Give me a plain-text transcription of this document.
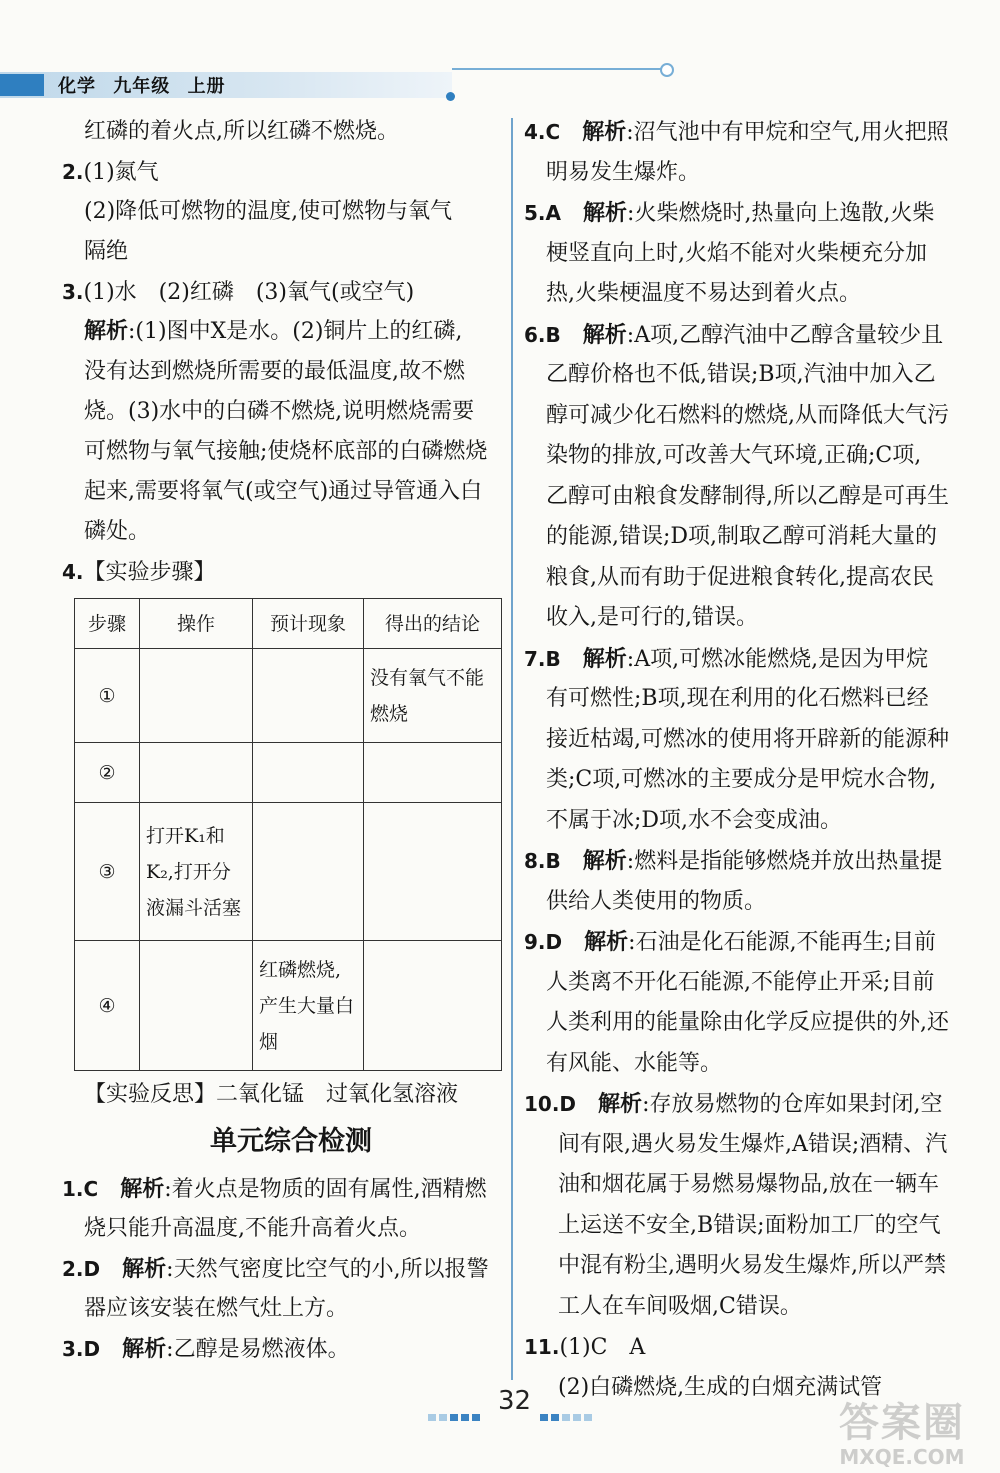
化学 九年级 上册
红磷的着火点,所以红磷不燃烧。
2.(1)氮气
(2)降低可燃物的温度,使可燃物与氧气
隔绝
3.(1)水　(2)红磷　(3)氧气(或空气)
解析:(1)图中X是水。(2)铜片上的红磷,
没有达到燃烧所需要的最低温度,故不燃
烧。(3)水中的白磷不燃烧,说明燃烧需要
可燃物与氧气接触;使烧杯底部的白磷燃烧
起来,需要将氧气(或空气)通过导管通入白
磷处。
4.【实验步骤】
步骤	操作	预计现象	得出的结论
①			没有氧气不能燃烧
②			
③	打开K₁和K₂,打开分液漏斗活塞		
④		红磷燃烧,产生大量白烟	
【实验反思】二氧化锰　过氧化氢溶液
单元综合检测
1.C　 解析:着火点是物质的固有属性,酒精燃
烧只能升高温度,不能升高着火点。
2.D　 解析:天然气密度比空气的小,所以报警
器应该安装在燃气灶上方。
3.D　 解析:乙醇是易燃液体。
4.C　 解析:沼气池中有甲烷和空气,用火把照
明易发生爆炸。
5.A　 解析:火柴燃烧时,热量向上逸散,火柴
梗竖直向上时,火焰不能对火柴梗充分加
热,火柴梗温度不易达到着火点。
6.B　 解析:A项,乙醇汽油中乙醇含量较少且
乙醇价格也不低,错误;B项,汽油中加入乙
醇可减少化石燃料的燃烧,从而降低大气污
染物的排放,可改善大气环境,正确;C项,
乙醇可由粮食发酵制得,所以乙醇是可再生
的能源,错误;D项,制取乙醇可消耗大量的
粮食,从而有助于促进粮食转化,提高农民
收入,是可行的,错误。
7.B　 解析:A项,可燃冰能燃烧,是因为甲烷
有可燃性;B项,现在利用的化石燃料已经
接近枯竭,可燃冰的使用将开辟新的能源种
类;C项,可燃冰的主要成分是甲烷水合物,
不属于冰;D项,水不会变成油。
8.B　 解析:燃料是指能够燃烧并放出热量提
供给人类使用的物质。
9.D　 解析:石油是化石能源,不能再生;目前
人类离不开化石能源,不能停止开采;目前
人类利用的能量除由化学反应提供的外,还
有风能、水能等。
10.D　 解析:存放易燃物的仓库如果封闭,空
间有限,遇火易发生爆炸,A错误;酒精、汽
油和烟花属于易燃易爆物品,放在一辆车
上运送不安全,B错误;面粉加工厂的空气
中混有粉尘,遇明火易发生爆炸,所以严禁
工人在车间吸烟,C错误。
11.(1)C　A
(2)白磷燃烧,生成的白烟充满试管
32	答案圈
MXQE.COM
